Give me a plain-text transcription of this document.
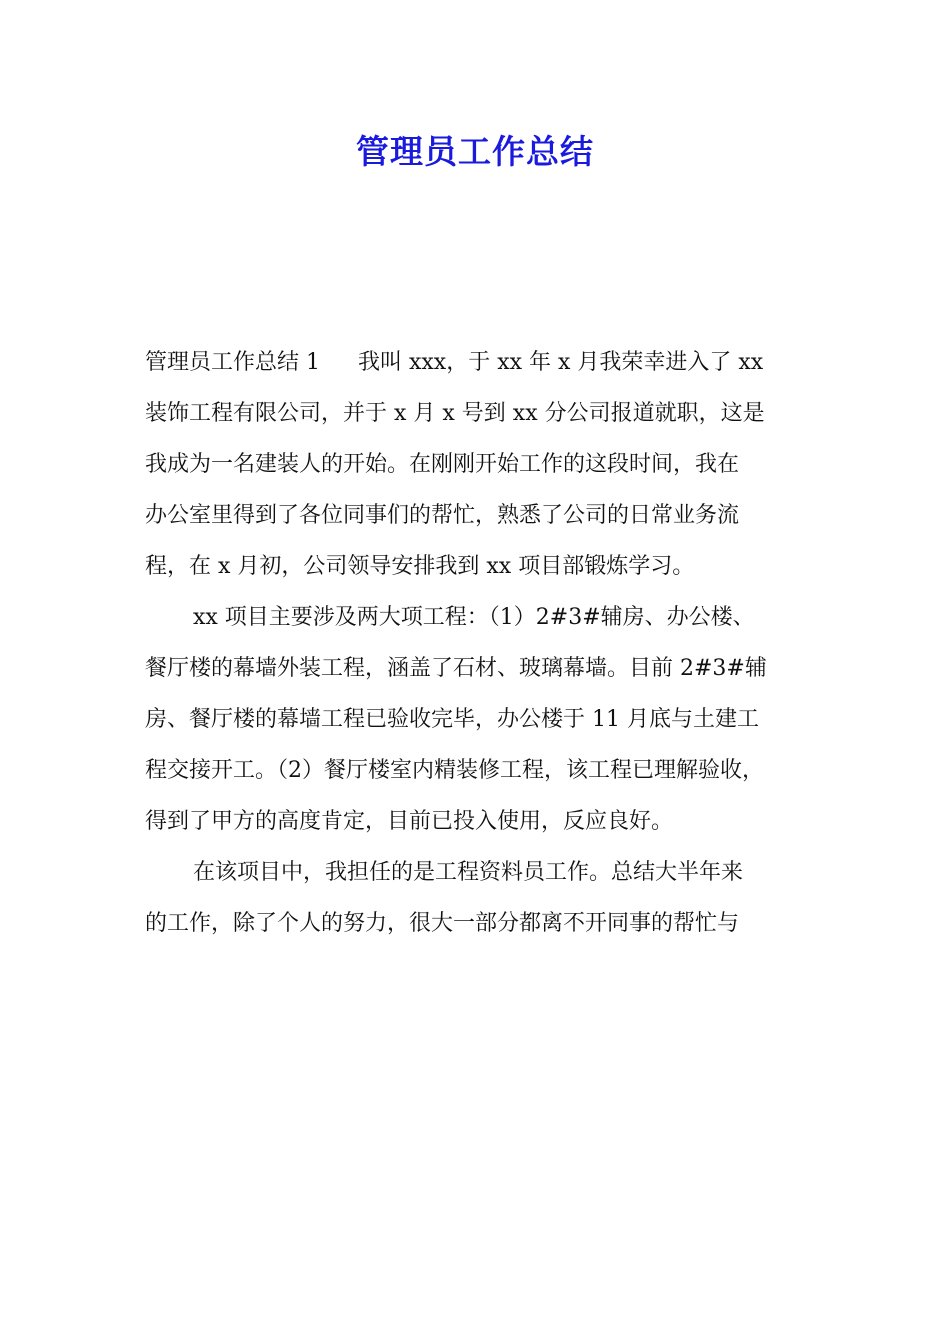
管理员工作总结
管理员工作总结 1 我叫 xxx，于 xx 年 x 月我荣幸进入了 xx
装饰工程有限公司，并于 x 月 x 号到 xx 分公司报道就职，这是
我成为一名建装人的开始。在刚刚开始工作的这段时间，我在
办公室里得到了各位同事们的帮忙，熟悉了公司的日常业务流
程，在 x 月初，公司领导安排我到 xx 项目部锻炼学习。
xx 项目主要涉及两大项工程：（1）2#3#辅房、办公楼、
餐厅楼的幕墙外装工程，涵盖了石材、玻璃幕墙。目前 2#3#辅
房、餐厅楼的幕墙工程已验收完毕，办公楼于 11 月底与土建工
程交接开工。（2）餐厅楼室内精装修工程，该工程已理解验收，
得到了甲方的高度肯定，目前已投入使用，反应良好。
在该项目中，我担任的是工程资料员工作。总结大半年来
的工作，除了个人的努力，很大一部分都离不开同事的帮忙与
